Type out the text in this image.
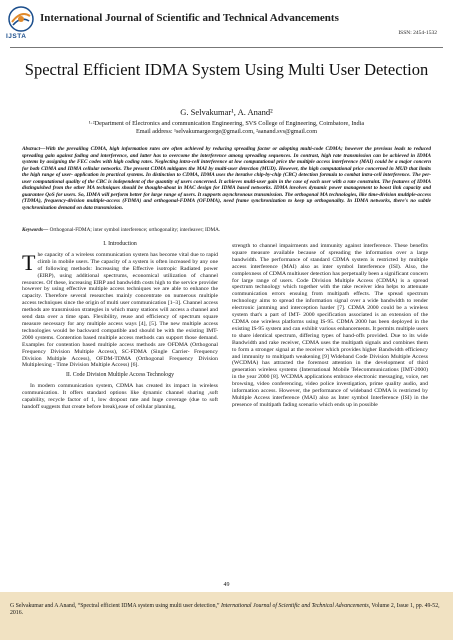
IJSTA
International Journal of Scientific and Technical Advancements
ISSN: 2454-1532
Spectral Efficient IDMA System Using Multi User Detection
G. Selvakumar¹, A. Anand²
¹·²Department of Electronics and communication Engineering, SVS College of Engineering, Coimbatore, India
Email address: ¹selvakumargeorge@gmail.com, ²aanand.svs@gmail.com
Abstract—With the prevailing CDMA, high information rates are often achieved by reducing spreading factor or adopting multi-code CDMA; however the previous leads to reduced spreading gain against fading and interference, and latter has to overcome the interference among spreading sequences. In contrast, high rate transmission can be achieved in IDMA systems by assigning the FEC codes with high coding rates. Neglecting intra-cell interference at low computational price the multiple access interference (MAI) could be a major concern for both CDMA and IDMA cellular networks. The present CDMA mitigates the MAI by multi-user detection (MUD). However, the high computational price concerned in MUD that limits the high range of user- application in practical systems. In distinction to CDMA, IDMA uses the iterative chip-by-chip (CBC) detection formula to combat intra-cell interference. The per-user computational quality of the CBC is independent of the quantity of users concerned. It achieves multi-user gain in the case of each user with a rate constraint. The features of IDMA distinguished from the other MA techniques should be thought-about in MAC design for IDMA based networks. IDMA involves dynamic power management to boost link capacity and guarantee QoS for users. So, IDMA will perform better for large range of users. It supports asynchronous transmission. The orthogonal MA technologies, like time-division multiple-access (TDMA), frequency-division multiple-access (FDMA) and orthogonal-FDMA (OFDMA), need frame synchronization to keep up orthogonality. In IDMA networks, there's no subtle synchronization demand on data transmission.
Keywords— Orthogonal-FDMA; inter symbol interference; orthogonality; interleaver; IDMA.
I. Introduction
The capacity of a wireless communication system has become vital due to rapid climb in mobile users. The capacity of a system is often increased by any one of following methods: Increasing the Effective isotropic Radiated power (EIRP), using additional spectrums, economical utilization of channel resources. Of these, increasing EIRP and bandwidth costs high to the service provider however by using effective multiple access techniques we are able to enhance the capacity. Therefore several researches mainly concentrate on numerous multiple access techniques since the origin of multi user communication [1–3]. Channel access methods are transmission strategies in which many stations will access a channel and send data over a time span. Flexibility, reuse and efficiency of spectrum square measure necessary for any multiple access ways [4], [5]. The new multiple access technologies would be backward compatible and should be with the existing IMT-2000 systems. Contention based multiple access methods can support those demand. Examples for contention based multiple access methods are OFDMA (Orthogonal Frequency Division Multiple Access), SC-FDMA (Single Carrier- Frequency Division Multiple Access), OFDM-TDMA (Orthogonal Frequency Division Multiplexing - Time Division Multiple Access) [6].
II. Code Division Multiple Access Technology
In modern communication system, CDMA has created its impact in wireless communication. It offers standard options like dynamic channel sharing ,soft capability, recycle factor of 1, low dropout rate and huge coverage (due to soft handoff suggests that create before break),ease of cellular planning,
strength to channel impairments and immunity against interference. These benefits square measure available because of spreading the information over a large bandwidth. The performance of standard CDMA system is restricted by multiple access interference (MAI) also as inter symbol Interference (ISI). Also, the complexness of CDMA multiuser detection has perpetually been a significant concern for large range of users. Code Division Multiple Access (CDMA) is a spread spectrum technology which together with the rake receiver idea helps to attenuate communication errors ensuing from multipath effects. The spread spectrum technology aims to spread the information signal over a wide bandwidth to render electronic jamming and interception harder [7]. CDMA 2000 could be a wireless system that's a part of IMT- 2000 specification associated is an extension of the CDMA one wireless platforms using IS-95. CDMA 2000 has been deployed in the existing IS-95 system and can exhibit various enhancements. It permits multiple users to share identical spectrum, differing types of hand-offs provided. Due to its wide Bandwidth and rake receiver, CDMA uses the multipath signals and combines them to form a stronger signal at the receiver which provides higher Bandwidth efficiency and immunity to multipath weakening [9] Wideband Code Division Multiple Access (WCDMA) has attracted the foremost attention in the development of third generation wireless systems (International Mobile Telecommunications [IMT-2000) in the year 2000 [8]. WCDMA applications embrace electronic messaging, voice, net browsing, video conferencing, video police investigation, prime quality audio, and information access. However, the performance of wideband CDMA is restricted by Multiple Access interference (MAI) also as Inter symbol Interference (ISI) in the presence of multipath fading scenario which ends up in possible
49
G Selvakumar and A Anand, “Spectral efficient IDMA system using multi user detection,” International Journal of Scientific and Technical Advancements, Volume 2, Issue 1, pp. 49-52, 2016.
